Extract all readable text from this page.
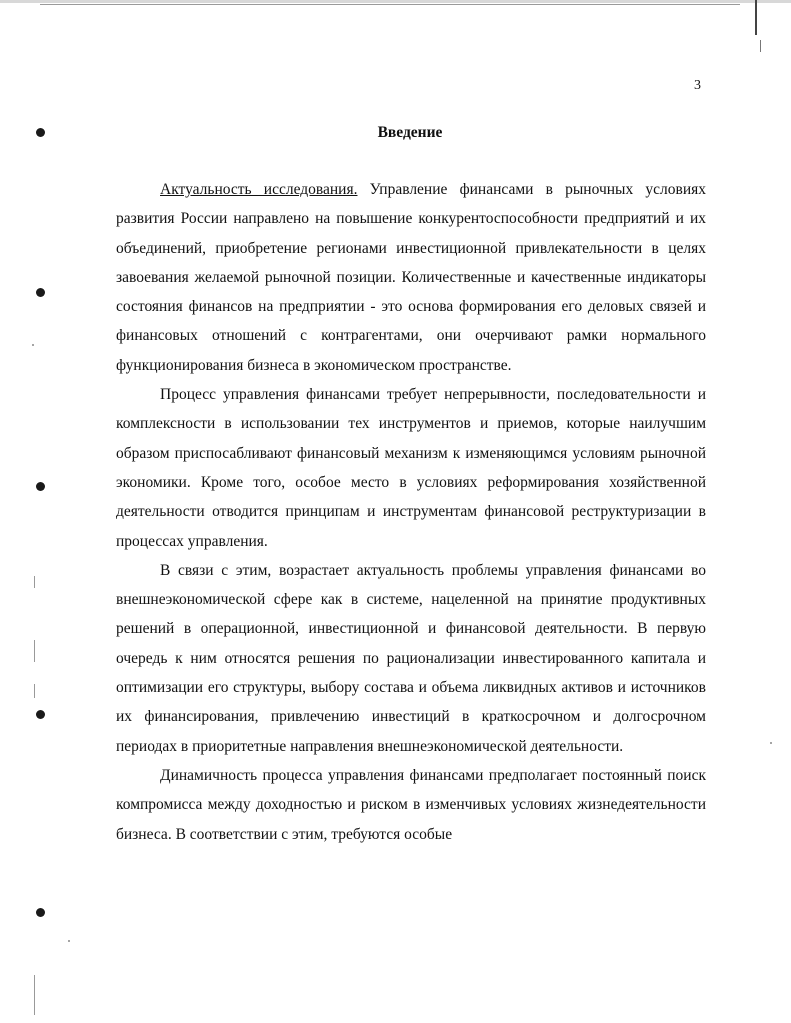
3
Введение

Актуальность исследования. Управление финансами в рыночных условиях развития России направлено на повышение конкурентоспособности предприятий и их объединений, приобретение регионами инвестиционной привлекательности в целях завоевания желаемой рыночной позиции. Количественные и качественные индикаторы состояния финансов на предприятии - это основа формирования его деловых связей и финансовых отношений с контрагентами, они очерчивают рамки нормального функционирования бизнеса в экономическом пространстве.

Процесс управления финансами требует непрерывности, последовательности и комплексности в использовании тех инструментов и приемов, которые наилучшим образом приспосабливают финансовый механизм к изменяющимся условиям рыночной экономики. Кроме того, особое место в условиях реформирования хозяйственной деятельности отводится принципам и инструментам финансовой реструктуризации в процессах управления.

В связи с этим, возрастает актуальность проблемы управления финансами во внешнеэкономической сфере как в системе, нацеленной на принятие продуктивных решений в операционной, инвестиционной и финансовой деятельности. В первую очередь к ним относятся решения по рационализации инвестированного капитала и оптимизации его структуры, выбору состава и объема ликвидных активов и источников их финансирования, привлечению инвестиций в краткосрочном и долгосрочном периодах в приоритетные направления внешнеэкономической деятельности.

Динамичность процесса управления финансами предполагает постоянный поиск компромисса между доходностью и риском в изменчивых условиях жизнедеятельности бизнеса. В соответствии с этим, требуются особые
